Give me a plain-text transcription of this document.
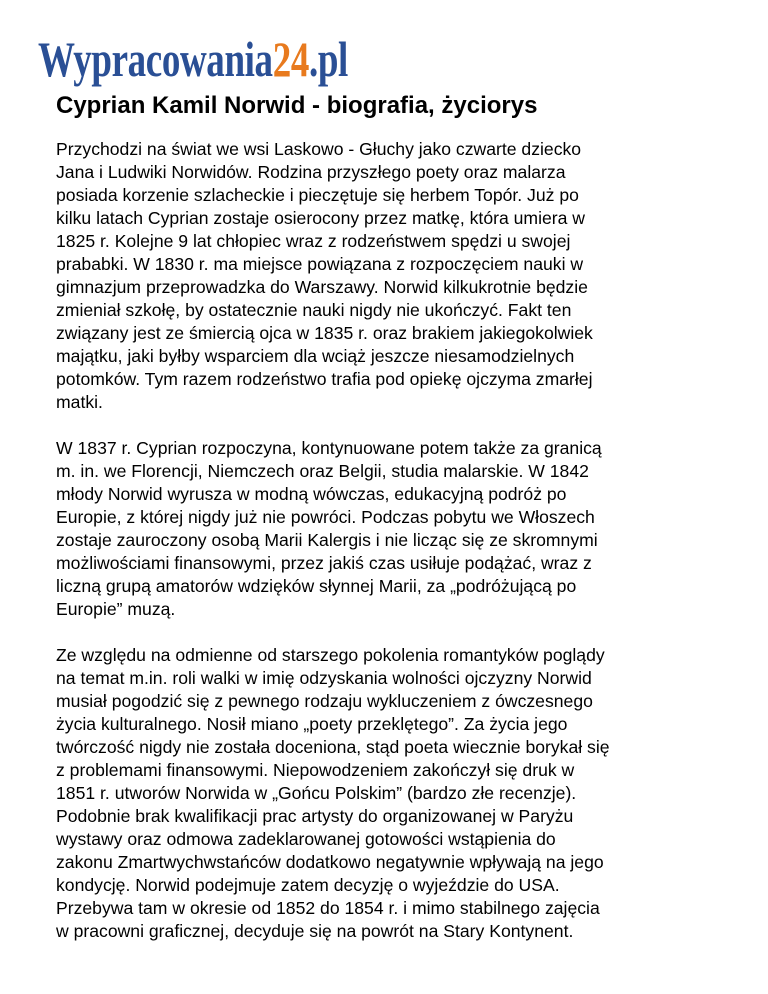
Wypracowania24.pl
Cyprian Kamil Norwid - biografia, życiorys

Przychodzi na świat we wsi Laskowo - Głuchy jako czwarte dziecko
Jana i Ludwiki Norwidów. Rodzina przyszłego poety oraz malarza
posiada korzenie szlacheckie i pieczętuje się herbem Topór. Już po
kilku latach Cyprian zostaje osierocony przez matkę, która umiera w
1825 r. Kolejne 9 lat chłopiec wraz z rodzeństwem spędzi u swojej
prababki. W 1830 r. ma miejsce powiązana z rozpoczęciem nauki w
gimnazjum przeprowadzka do Warszawy. Norwid kilkukrotnie będzie
zmieniał szkołę, by ostatecznie nauki nigdy nie ukończyć. Fakt ten
związany jest ze śmiercią ojca w 1835 r. oraz brakiem jakiegokolwiek
majątku, jaki byłby wsparciem dla wciąż jeszcze niesamodzielnych
potomków. Tym razem rodzeństwo trafia pod opiekę ojczyma zmarłej
matki.

W 1837 r. Cyprian rozpoczyna, kontynuowane potem także za granicą
m. in. we Florencji, Niemczech oraz Belgii, studia malarskie. W 1842
młody Norwid wyrusza w modną wówczas, edukacyjną podróż po
Europie, z której nigdy już nie powróci. Podczas pobytu we Włoszech
zostaje zauroczony osobą Marii Kalergis i nie licząc się ze skromnymi
możliwościami finansowymi, przez jakiś czas usiłuje podążać, wraz z
liczną grupą amatorów wdzięków słynnej Marii, za „podróżującą po
Europie” muzą.

Ze względu na odmienne od starszego pokolenia romantyków poglądy
na temat m.in. roli walki w imię odzyskania wolności ojczyzny Norwid
musiał pogodzić się z pewnego rodzaju wykluczeniem z ówczesnego
życia kulturalnego. Nosił miano „poety przeklętego”. Za życia jego
twórczość nigdy nie została doceniona, stąd poeta wiecznie borykał się
z problemami finansowymi. Niepowodzeniem zakończył się druk w
1851 r. utworów Norwida w „Gońcu Polskim” (bardzo złe recenzje).
Podobnie brak kwalifikacji prac artysty do organizowanej w Paryżu
wystawy oraz odmowa zadeklarowanej gotowości wstąpienia do
zakonu Zmartwychwstańców dodatkowo negatywnie wpływają na jego
kondycję. Norwid podejmuje zatem decyzję o wyjeździe do USA.
Przebywa tam w okresie od 1852 do 1854 r. i mimo stabilnego zajęcia
w pracowni graficznej, decyduje się na powrót na Stary Kontynent.
